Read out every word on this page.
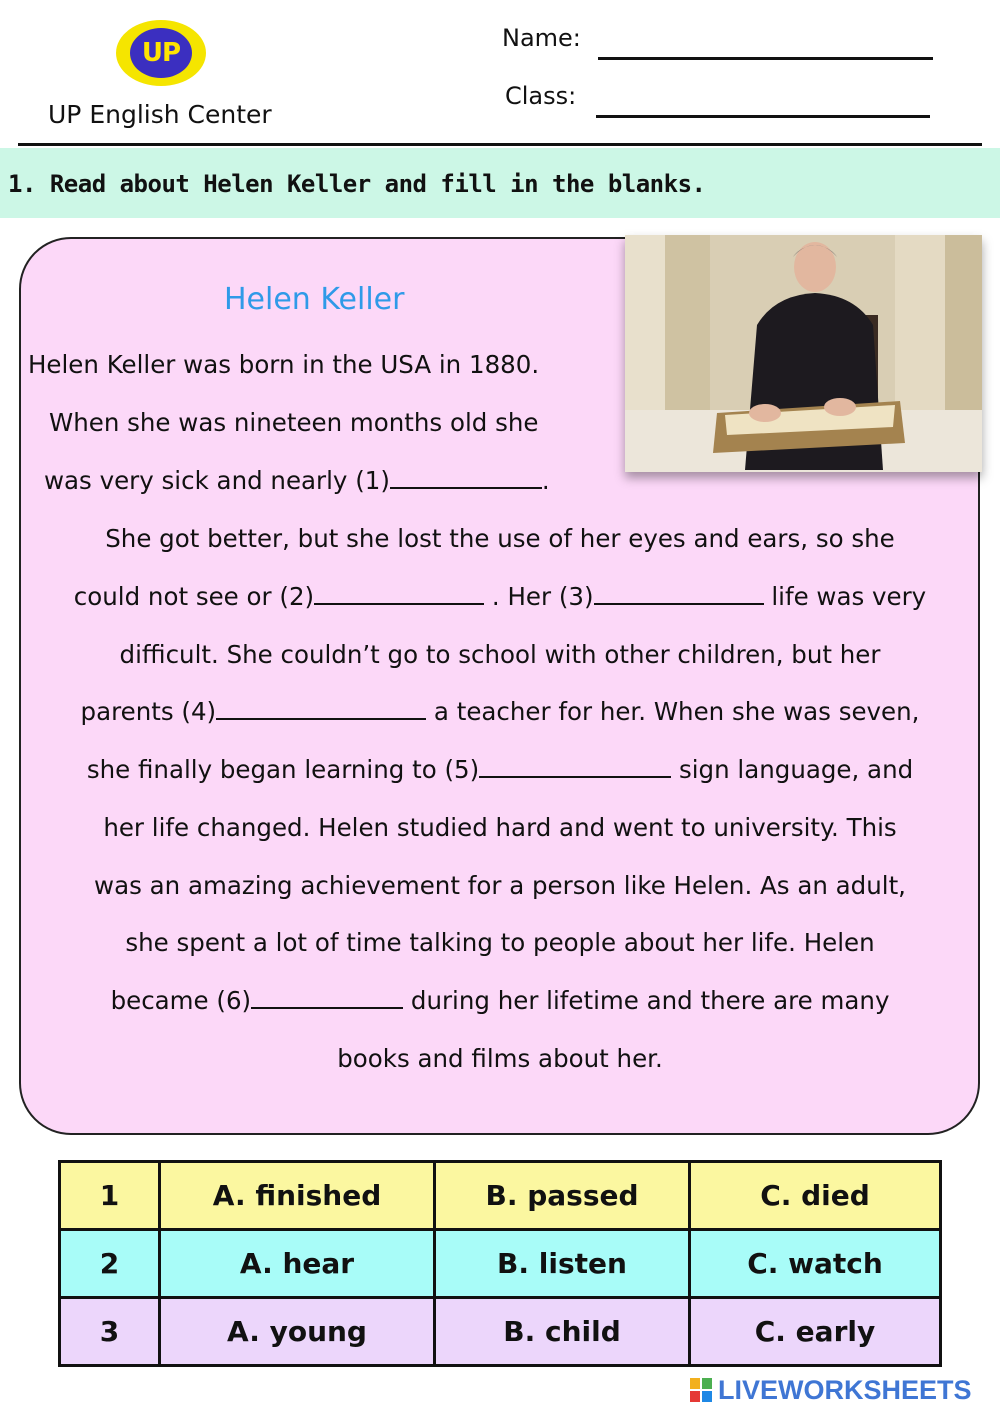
UP
UP English Center
Name:
Class:
1. Read about Helen Keller and fill in the blanks.
Helen Keller
Helen Keller was born in the USA in 1880.
When she was nineteen months old she
was very sick and nearly (1)	.
She got better, but she lost the use of her eyes and ears, so she
could not see or (2)	. Her (3)	life was very
difficult. She couldn’t go to school with other children, but her
parents (4)	a teacher for her. When she was seven,
she finally began learning to (5)	sign language, and
her life changed. Helen studied hard and went to university. This
was an amazing achievement for a person like Helen. As an adult,
she spent a lot of time talking to people about her life. Helen
became (6)	during her lifetime and there are many
books and films about her.
1	A. finished	B. passed	C. died
2	A. hear	B. listen	C. watch
3	A. young	B. child	C. early
LIVEWORKSHEETS
